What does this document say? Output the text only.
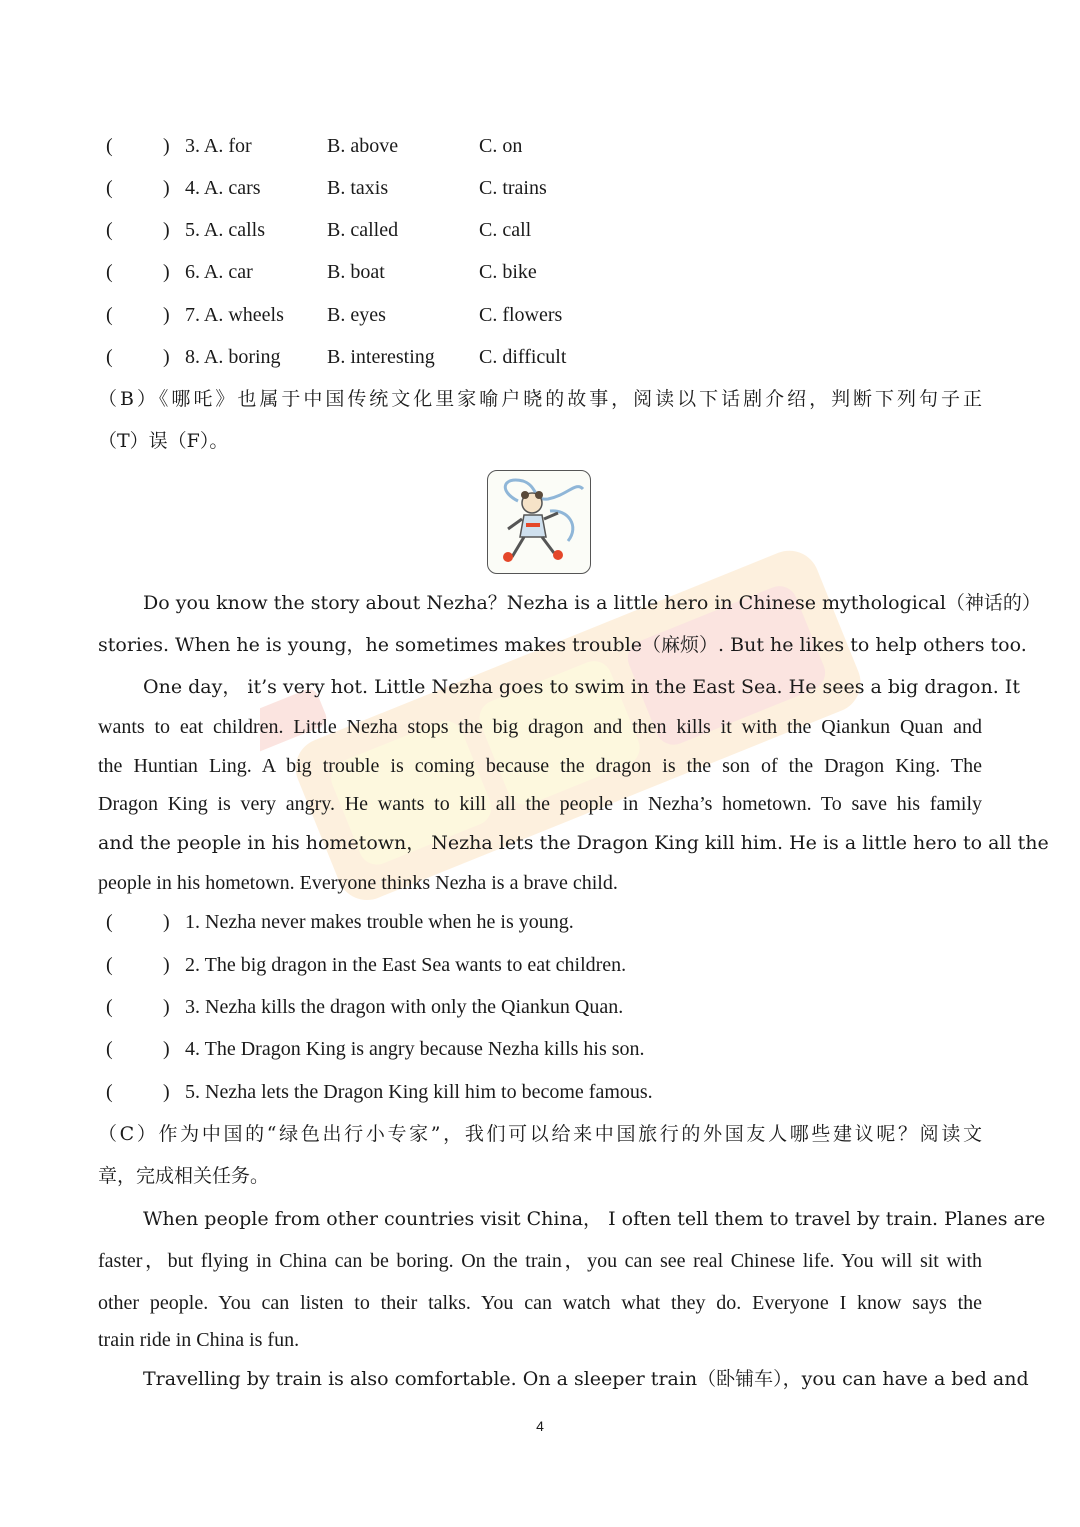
(	) 3. A. for	B. above	C. on
(	) 4. A. cars	B. taxis	C. trains
(	) 5. A. calls	B. called	C. call
(	) 6. A. car	B. boat	C. bike
(	) 7. A. wheels B. eyes	C. flowers
(	) 8. A. boring B. interesting C. difficult
（B）《哪吒》也属于中国传统文化里家喻户晓的故事，阅读以下话剧介绍，判断下列句子正
（T）误（F）。
Do you know the story about Nezha？Nezha is a little hero in Chinese mythological（神话的）
stories. When he is young，he sometimes makes trouble（麻烦）. But he likes to help others too.
One day， it’s very hot. Little Nezha goes to swim in the East Sea. He sees a big dragon. It
wants to eat children. Little Nezha stops the big dragon and then kills it with the Qiankun Quan and
the Huntian Ling. A big trouble is coming because the dragon is the son of the Dragon King. The
Dragon King is very angry. He wants to kill all the people in Nezha’s hometown. To save his family
and the people in his hometown， Nezha lets the Dragon King kill him. He is a little hero to all the
people in his hometown. Everyone thinks Nezha is a brave child.
(	) 1. Nezha never makes trouble when he is young.
(	) 2. The big dragon in the East Sea wants to eat children.
(	) 3. Nezha kills the dragon with only the Qiankun Quan.
(	) 4. The Dragon King is angry because Nezha kills his son.
(	) 5. Nezha lets the Dragon King kill him to become famous.
（C）作为中国的“绿色出行小专家”，我们可以给来中国旅行的外国友人哪些建议呢？阅读文
章，完成相关任务。
When people from other countries visit China， I often tell them to travel by train. Planes are
faster，but flying in China can be boring. On the train，you can see real Chinese life. You will sit with
other people. You can listen to their talks. You can watch what they do. Everyone I know says the
train ride in China is fun.
Travelling by train is also comfortable. On a sleeper train（卧铺车），you can have a bed and
4
